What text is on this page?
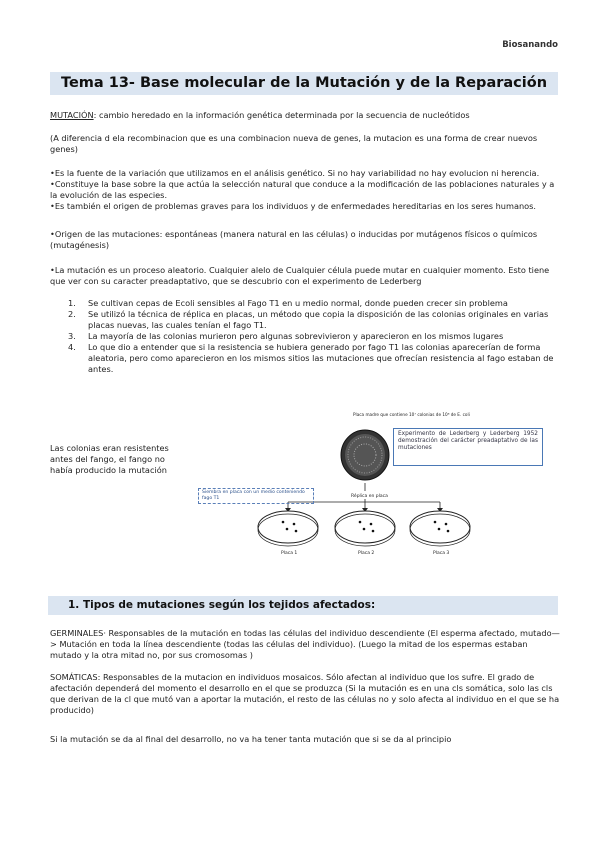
Biosanando
Tema 13- Base molecular de la Mutación y de la Reparación
MUTACIÓN: cambio heredado en la información genética determinada por la secuencia de nucleótidos
(A diferencia d ela recombinacion que es una combinacion nueva de genes, la mutacion es una forma de crear nuevos genes)
•Es la fuente de la variación que utilizamos en el análisis genético. Si no hay variabilidad no hay evolucion ni herencia.
•Constituye la base sobre la que actúa la selección natural que conduce a la modificación de las poblaciones naturales y a la evolución de las especies.
•Es también el origen de problemas graves para los individuos y de enfermedades hereditarias en los seres humanos.
•Origen de las mutaciones: espontáneas (manera natural en las células) o inducidas por mutágenos físicos o químicos (mutagénesis)
•La mutación es un proceso aleatorio. Cualquier alelo de Cualquier célula puede mutar en cualquier momento. Esto tiene que ver con su caracter preadaptativo, que se descubrio con el experimento de Lederberg
1. Se cultivan cepas de Ecoli sensibles al Fago T1 en u medio normal, donde pueden crecer sin problema
2. Se utilizó la técnica de réplica en placas, un método que copia la disposición de las colonias originales en varias placas nuevas, las cuales tenían el fago T1.
3. La mayoría de las colonias murieron pero algunas sobrevivieron y aparecieron en los mismos lugares
4. Lo que dio a entender que si la resistencia se hubiera generado por fago T1 las colonias aparecerían de forma aleatoria, pero como aparecieron en los mismos sitios las mutaciones que ofrecían resistencia al fago estaban de antes.
Las colonias eran resistentes antes del fango, el fango no había producido la mutación
Placa madre que contiene 10⁷ colonias de 10⁸ de E. coli
Réplica en placa
Placa 1	Placa 2	Placa 3
Experimento de Lederberg y Lederberg 1952 demostración del carácter preadaptativo de las mutaciones
Siembra en placa con un medio conteniendo fago T1
1. Tipos de mutaciones según los tejidos afectados:
GERMINALES· Responsables de la mutación en todas las células del individuo descendiente (El esperma afectado, mutado—> Mutación en toda la línea descendiente (todas las células del individuo). (Luego la mitad de los espermas estaban mutado y la otra mitad no, por sus cromosomas )
SOMÁTICAS: Responsables de la mutacion en individuos mosaicos. Sólo afectan al individuo que los sufre. El grado de afectación dependerá del momento el desarrollo en el que se produzca (Si la mutación es en una cls somática, solo las cls que derivan de la cl que mutó van a aportar la mutación, el resto de las células no y solo afecta al individuo en el que se ha producido)
Si la mutación se da al final del desarrollo, no va ha tener tanta mutación que si se da al principio
